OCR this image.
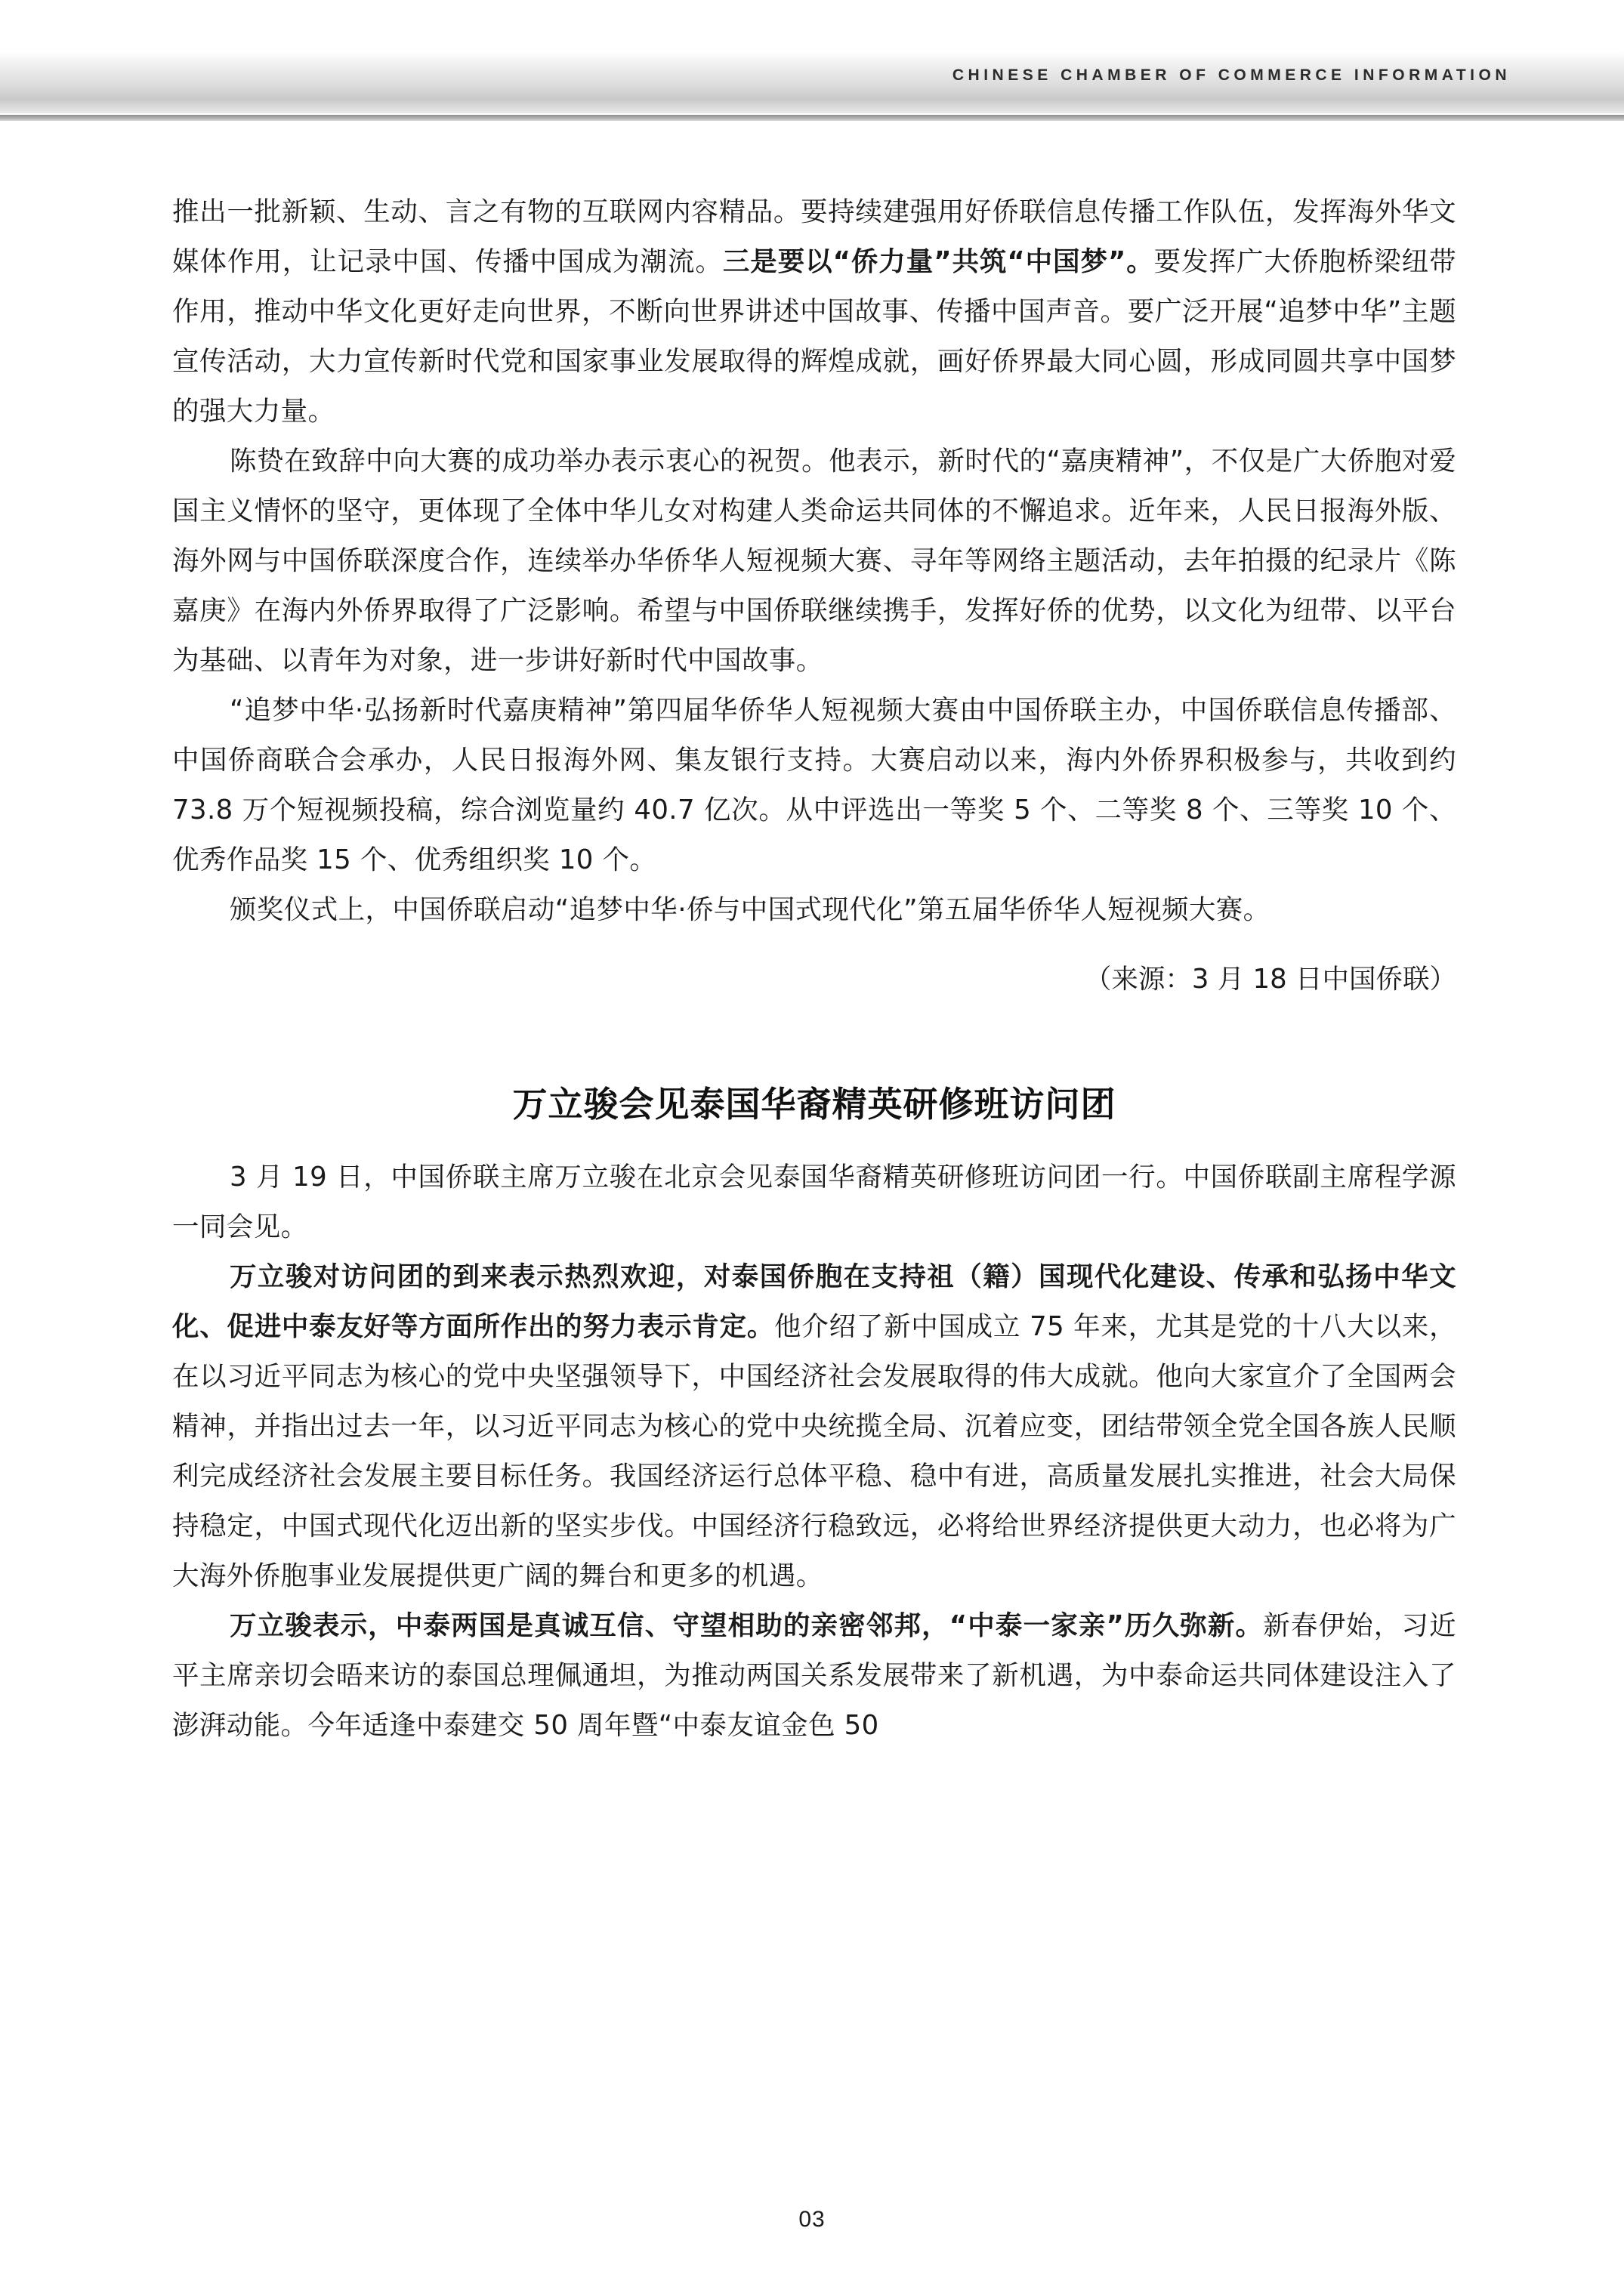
CHINESE CHAMBER OF COMMERCE INFORMATION

推出一批新颖、生动、言之有物的互联网内容精品。要持续建强用好侨联信息传播工作队伍，发挥海外华文媒体作用，让记录中国、传播中国成为潮流。三是要以“侨力量”共筑“中国梦”。要发挥广大侨胞桥梁纽带作用，推动中华文化更好走向世界，不断向世界讲述中国故事、传播中国声音。要广泛开展“追梦中华”主题宣传活动，大力宣传新时代党和国家事业发展取得的辉煌成就，画好侨界最大同心圆，形成同圆共享中国梦的强大力量。

陈贽在致辞中向大赛的成功举办表示衷心的祝贺。他表示，新时代的“嘉庚精神”，不仅是广大侨胞对爱国主义情怀的坚守，更体现了全体中华儿女对构建人类命运共同体的不懈追求。近年来，人民日报海外版、海外网与中国侨联深度合作，连续举办华侨华人短视频大赛、寻年等网络主题活动，去年拍摄的纪录片《陈嘉庚》在海内外侨界取得了广泛影响。希望与中国侨联继续携手，发挥好侨的优势，以文化为纽带、以平台为基础、以青年为对象，进一步讲好新时代中国故事。

“追梦中华·弘扬新时代嘉庚精神”第四届华侨华人短视频大赛由中国侨联主办，中国侨联信息传播部、中国侨商联合会承办，人民日报海外网、集友银行支持。大赛启动以来，海内外侨界积极参与，共收到约 73.8 万个短视频投稿，综合浏览量约 40.7 亿次。从中评选出一等奖 5 个、二等奖 8 个、三等奖 10 个、优秀作品奖 15 个、优秀组织奖 10 个。

颁奖仪式上，中国侨联启动“追梦中华·侨与中国式现代化”第五届华侨华人短视频大赛。

（来源：3 月 18 日中国侨联）
万立骏会见泰国华裔精英研修班访问团

3 月 19 日，中国侨联主席万立骏在北京会见泰国华裔精英研修班访问团一行。中国侨联副主席程学源一同会见。

万立骏对访问团的到来表示热烈欢迎，对泰国侨胞在支持祖（籍）国现代化建设、传承和弘扬中华文化、促进中泰友好等方面所作出的努力表示肯定。他介绍了新中国成立 75 年来，尤其是党的十八大以来，在以习近平同志为核心的党中央坚强领导下，中国经济社会发展取得的伟大成就。他向大家宣介了全国两会精神，并指出过去一年，以习近平同志为核心的党中央统揽全局、沉着应变，团结带领全党全国各族人民顺利完成经济社会发展主要目标任务。我国经济运行总体平稳、稳中有进，高质量发展扎实推进，社会大局保持稳定，中国式现代化迈出新的坚实步伐。中国经济行稳致远，必将给世界经济提供更大动力，也必将为广大海外侨胞事业发展提供更广阔的舞台和更多的机遇。

万立骏表示，中泰两国是真诚互信、守望相助的亲密邻邦，“中泰一家亲”历久弥新。新春伊始，习近平主席亲切会晤来访的泰国总理佩通坦，为推动两国关系发展带来了新机遇，为中泰命运共同体建设注入了澎湃动能。今年适逢中泰建交 50 周年暨“中泰友谊金色 50

03
